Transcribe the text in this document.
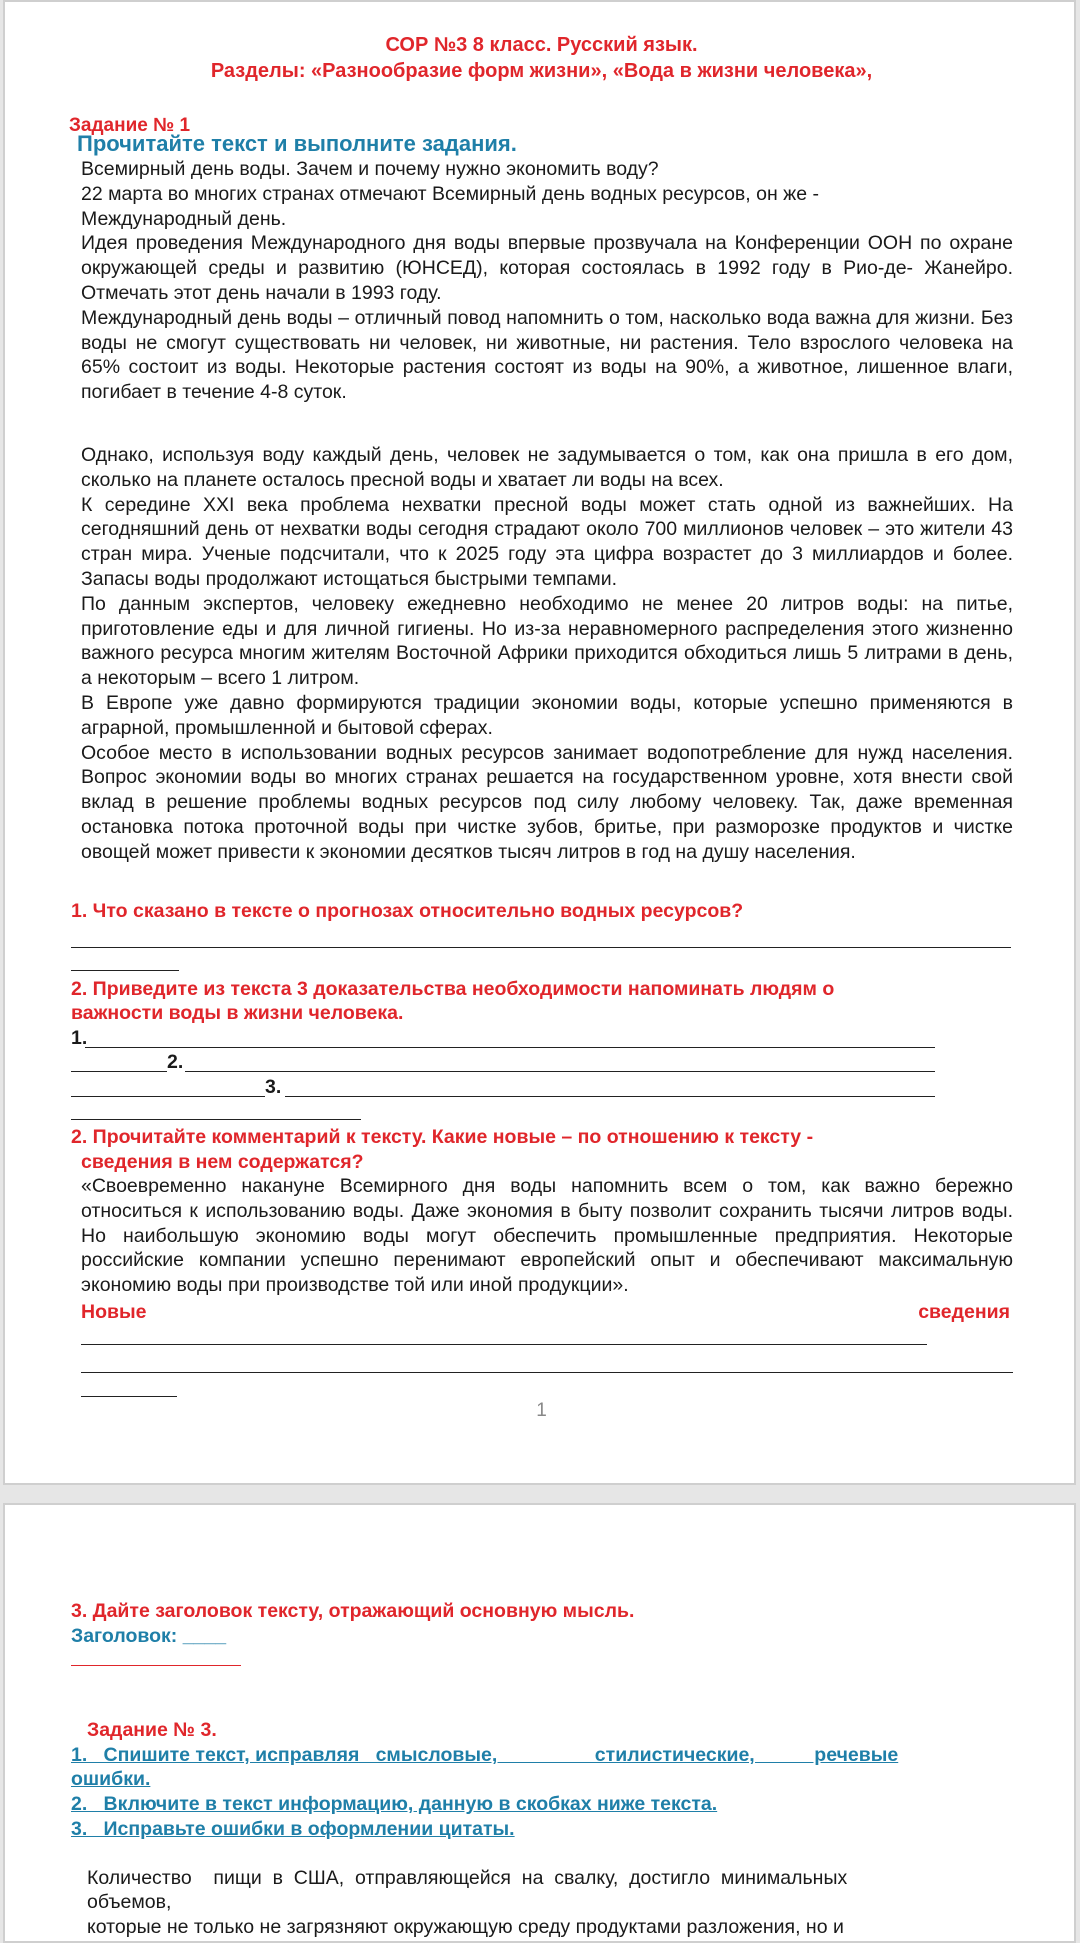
СОР №3 8 класс. Русский язык.
Разделы: «Разнообразие форм жизни», «Вода в жизни человека»,
Задание № 1
Прочитайте текст и выполните задания.

Всемирный день воды. Зачем и почему нужно экономить воду?

22 марта во многих странах отмечают Всемирный день водных ресурсов, он же -

Международный день.

Идея проведения Международного дня воды впервые прозвучала на Конференции ООН по охране окружающей среды и развитию (ЮНСЕД), которая состоялась в 1992 году в Рио-де- Жанейро. Отмечать этот день начали в 1993 году.

Международный день воды – отличный повод напомнить о том, насколько вода важна для жизни. Без воды не смогут существовать ни человек, ни животные, ни растения. Тело взрослого человека на 65% состоит из воды. Некоторые растения состоят из воды на 90%, а животное, лишенное влаги, погибает в течение 4-8 суток.

Однако, используя воду каждый день, человек не задумывается о том, как она пришла в его дом, сколько на планете осталось пресной воды и хватает ли воды на всех.

К середине XXI века проблема нехватки пресной воды может стать одной из важнейших. На сегодняшний день от нехватки воды сегодня страдают около 700 миллионов человек – это жители 43 стран мира. Ученые подсчитали, что к 2025 году эта цифра возрастет до 3 миллиардов и более. Запасы воды продолжают истощаться быстрыми темпами.

По данным экспертов, человеку ежедневно необходимо не менее 20 литров воды: на питье, приготовление еды и для личной гигиены. Но из-за неравномерного распределения этого жизненно важного ресурса многим жителям Восточной Африки приходится обходиться лишь 5 литрами в день, а некоторым – всего 1 литром.

В Европе уже давно формируются традиции экономии воды, которые успешно применяются в аграрной, промышленной и бытовой сферах.

Особое место в использовании водных ресурсов занимает водопотребление для нужд населения. Вопрос экономии воды во многих странах решается на государственном уровне, хотя внести свой вклад в решение проблемы водных ресурсов под силу любому человеку. Так, даже временная остановка потока проточной воды при чистке зубов, бритье, при разморозке продуктов и чистке овощей может привести к экономии десятков тысяч литров в год на душу населения.

1. Что сказано в тексте о прогнозах относительно водных ресурсов?
2. Приведите из текста 3 доказательства необходимости напоминать людям о
важности воды в жизни человека.
1.
2.
3.
2. Прочитайте комментарий к тексту. Какие новые – по отношению к тексту -
сведения в нем содержатся?
«Своевременно накануне Всемирного дня воды напомнить всем о том, как важно бережно относиться к использованию воды. Даже экономия в быту позволит сохранить тысячи литров воды. Но наибольшую экономию воды могут обеспечить промышленные предприятия. Некоторые российские компании успешно перенимают европейский опыт и обеспечивают максимальную экономию воды при производстве той или иной продукции».
Новые	сведения
1
3. Дайте заголовок тексту, отражающий основную мысль.
Заголовок: ____
Задание № 3.
1.   Спишите текст, исправляя   смысловые,                  стилистические,           речевые
ошибки.
2.   Включите в текст информацию, данную в скобках ниже текста.
3.   Исправьте ошибки в оформлении цитаты.
Количество    пищи  в  США,  отправляющейся  на  свалку,  достигло  минимальных
объемов,
которые не только не загрязняют окружающую среду продуктами разложения, но и
